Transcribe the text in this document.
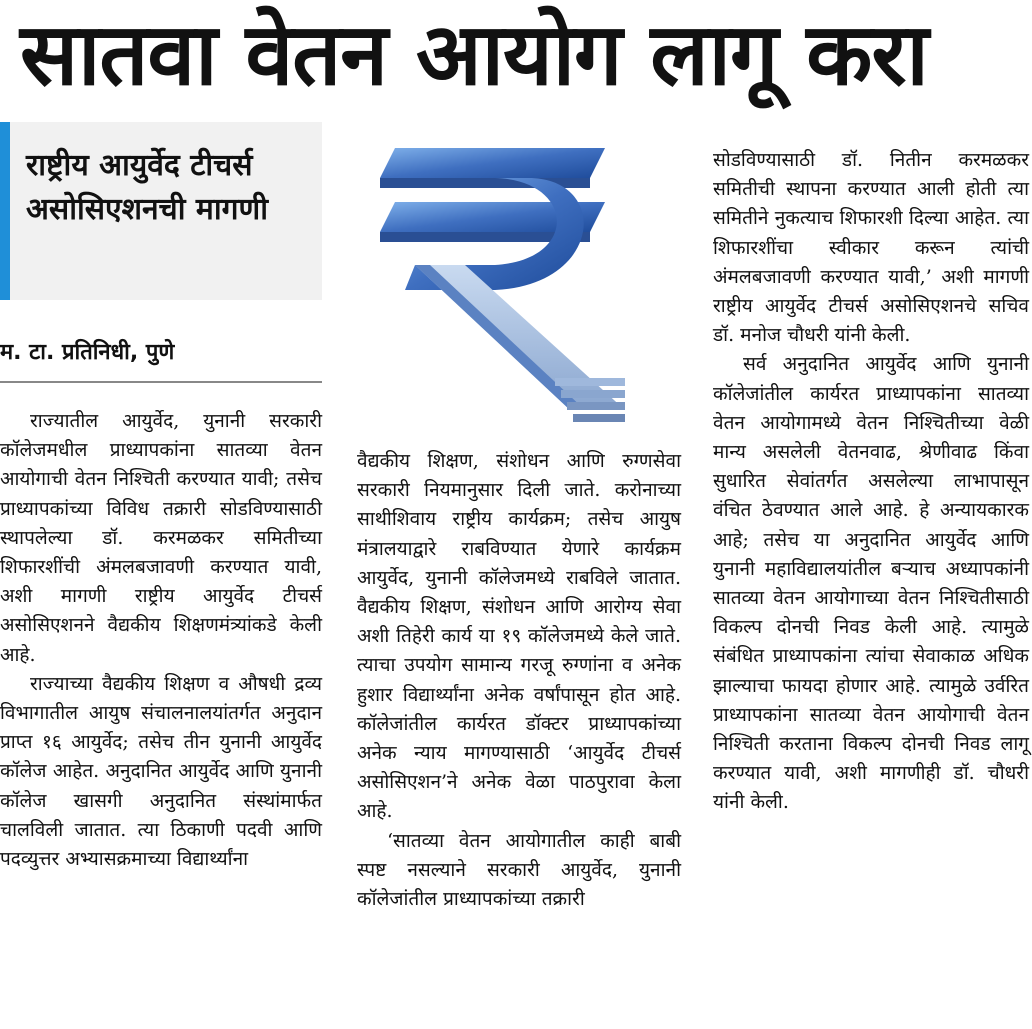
सातवा वेतन आयोग लागू करा
राष्ट्रीय आयुर्वेद टीचर्स असोसिएशनची मागणी
म. टा. प्रतिनिधी, पुणे

राज्यातील आयुर्वेद, युनानी सरकारी कॉलेजमधील प्राध्यापकांना सातव्या वेतन आयोगाची वेतन निश्चिती करण्यात यावी; तसेच प्राध्यापकांच्या विविध तक्रारी सोडविण्यासाठी स्थापलेल्या डॉ. करमळकर समितीच्या शिफारशींची अंमलबजावणी करण्यात यावी, अशी मागणी राष्ट्रीय आयुर्वेद टीचर्स असोसिएशनने वैद्यकीय शिक्षणमंत्र्यांकडे केली आहे.

राज्याच्या वैद्यकीय शिक्षण व औषधी द्रव्य विभागातील आयुष संचालनालयांतर्गत अनुदान प्राप्त १६ आयुर्वेद; तसेच तीन युनानी आयुर्वेद कॉलेज आहेत. अनुदानित आयुर्वेद आणि युनानी कॉलेज खासगी अनुदानित संस्थांमार्फत चालविली जातात. त्या ठिकाणी पदवी आणि पदव्युत्तर अभ्यासक्रमाच्या विद्यार्थ्यांना

वैद्यकीय शिक्षण, संशोधन आणि रुग्णसेवा सरकारी नियमानुसार दिली जाते. करोनाच्या साथीशिवाय राष्ट्रीय कार्यक्रम; तसेच आयुष मंत्रालयाद्वारे राबविण्यात येणारे कार्यक्रम आयुर्वेद, युनानी कॉलेजमध्ये राबविले जातात. वैद्यकीय शिक्षण, संशोधन आणि आरोग्य सेवा अशी तिहेरी कार्य या १९ कॉलेजमध्ये केले जाते. त्याचा उपयोग सामान्य गरजू रुग्णांना व अनेक हुशार विद्यार्थ्यांना अनेक वर्षांपासून होत आहे. कॉलेजांतील कार्यरत डॉक्टर प्राध्यापकांच्या अनेक न्याय मागण्यासाठी ‘आयुर्वेद टीचर्स असोसिएशन’ने अनेक वेळा पाठपुरावा केला आहे.

‘सातव्या वेतन आयोगातील काही बाबी स्पष्ट नसल्याने सरकारी आयुर्वेद, युनानी कॉलेजांतील प्राध्यापकांच्या तक्रारी

सोडविण्यासाठी डॉ. नितीन करमळकर समितीची स्थापना करण्यात आली होती त्या समितीने नुकत्याच शिफारशी दिल्या आहेत. त्या शिफारशींचा स्वीकार करून त्यांची अंमलबजावणी करण्यात यावी,’ अशी मागणी राष्ट्रीय आयुर्वेद टीचर्स असोसिएशनचे सचिव डॉ. मनोज चौधरी यांनी केली.

सर्व अनुदानित आयुर्वेद आणि युनानी कॉलेजांतील कार्यरत प्राध्यापकांना सातव्या वेतन आयोगामध्ये वेतन निश्चितीच्या वेळी मान्य असलेली वेतनवाढ, श्रेणीवाढ किंवा सुधारित सेवांतर्गत असलेल्या लाभापासून वंचित ठेवण्यात आले आहे. हे अन्यायकारक आहे; तसेच या अनुदानित आयुर्वेद आणि युनानी महाविद्यालयांतील बऱ्याच अध्यापकांनी सातव्या वेतन आयोगाच्या वेतन निश्चितीसाठी विकल्प दोनची निवड केली आहे. त्यामुळे संबंधित प्राध्यापकांना त्यांचा सेवाकाळ अधिक झाल्याचा फायदा होणार आहे. त्यामुळे उर्वरित प्राध्यापकांना सातव्या वेतन आयोगाची वेतन निश्चिती करताना विकल्प दोनची निवड लागू करण्यात यावी, अशी मागणीही डॉ. चौधरी यांनी केली.
